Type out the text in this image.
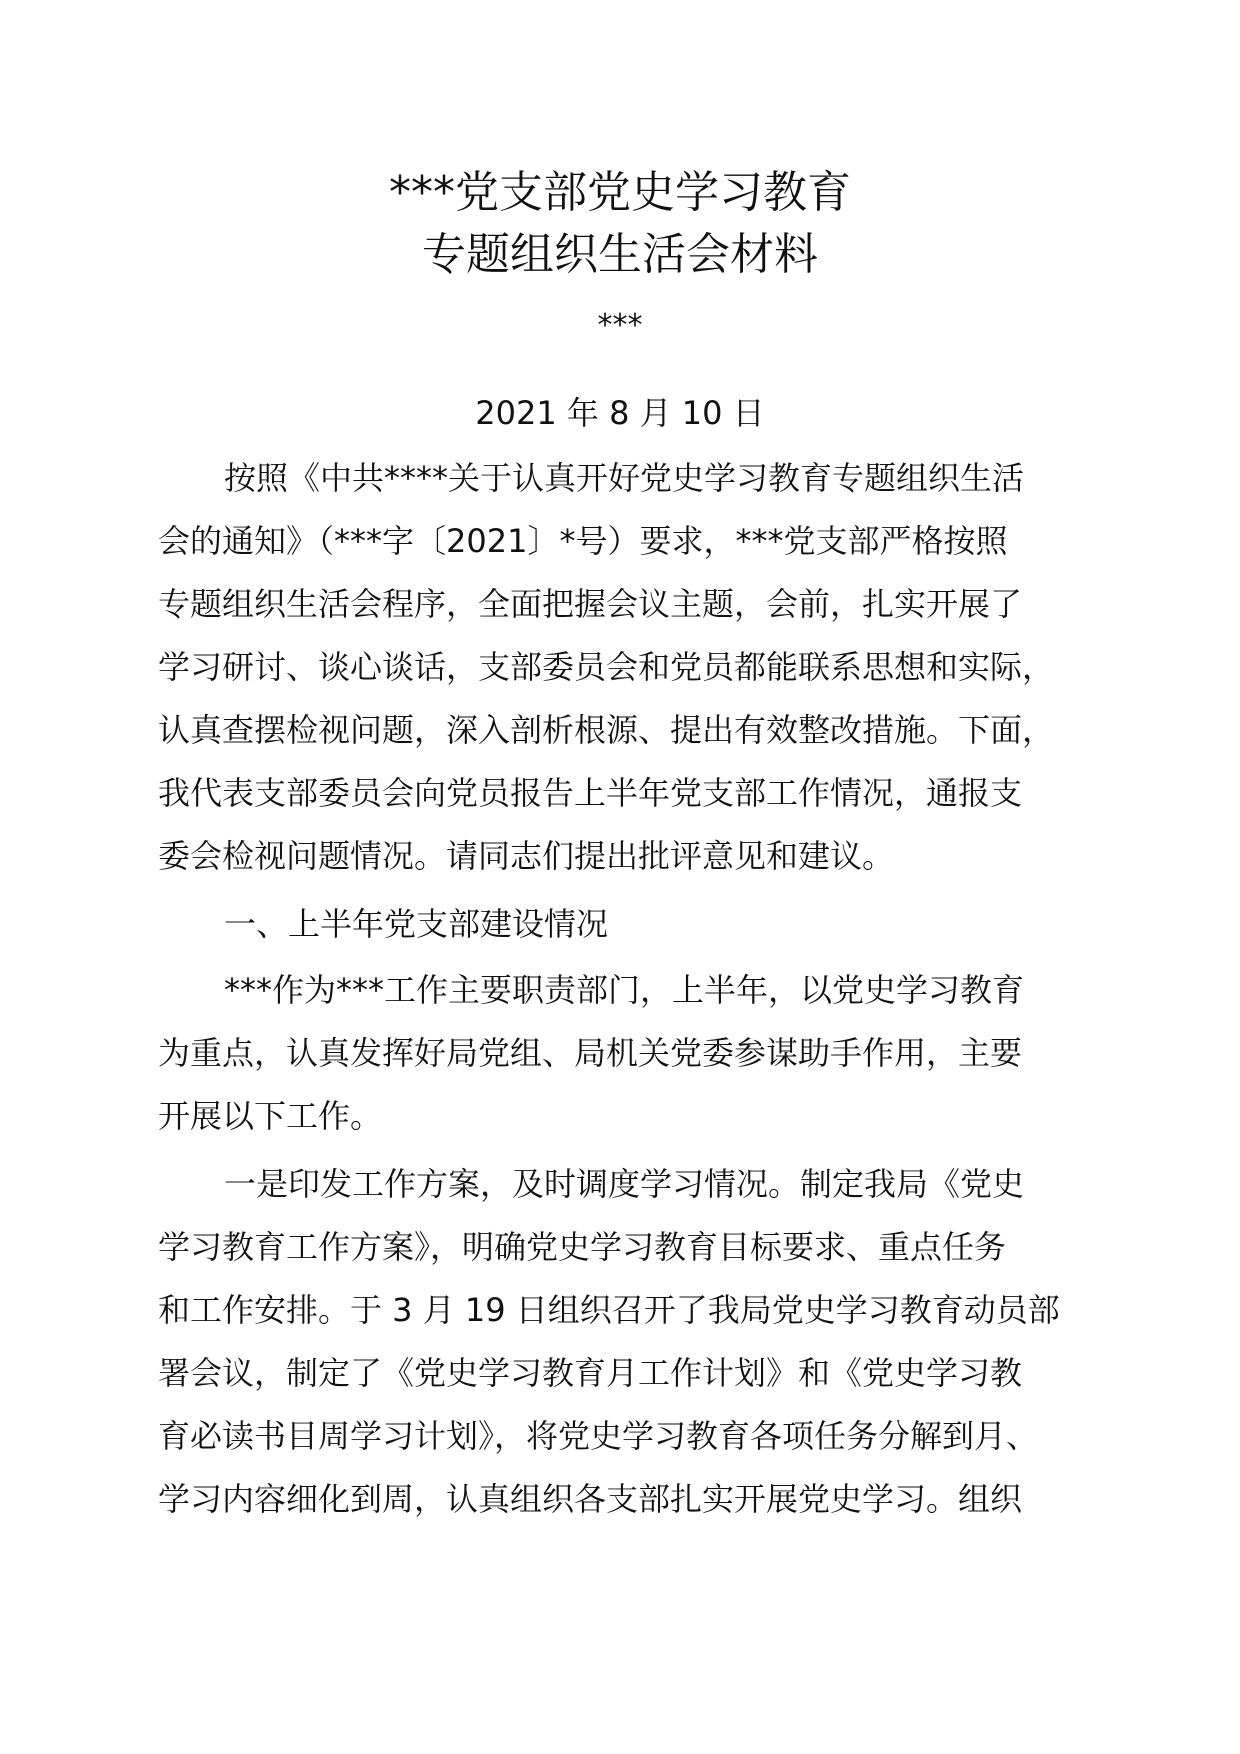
***党支部党史学习教育
专题组织生活会材料
***
2021 年 8 月 10 日
按照《中共****关于认真开好党史学习教育专题组织生活
会的通知》（***字〔2021〕*号）要求，***党支部严格按照
专题组织生活会程序，全面把握会议主题，会前，扎实开展了
学习研讨、谈心谈话，支部委员会和党员都能联系思想和实际，
认真查摆检视问题，深入剖析根源、提出有效整改措施。下面，
我代表支部委员会向党员报告上半年党支部工作情况，通报支
委会检视问题情况。请同志们提出批评意见和建议。
一、上半年党支部建设情况
***作为***工作主要职责部门，上半年，以党史学习教育
为重点，认真发挥好局党组、局机关党委参谋助手作用，主要
开展以下工作。
一是印发工作方案，及时调度学习情况。制定我局《党史
学习教育工作方案》，明确党史学习教育目标要求、重点任务
和工作安排。于 3 月 19 日组织召开了我局党史学习教育动员部
署会议，制定了《党史学习教育月工作计划》和《党史学习教
育必读书目周学习计划》，将党史学习教育各项任务分解到月、
学习内容细化到周，认真组织各支部扎实开展党史学习。组织
